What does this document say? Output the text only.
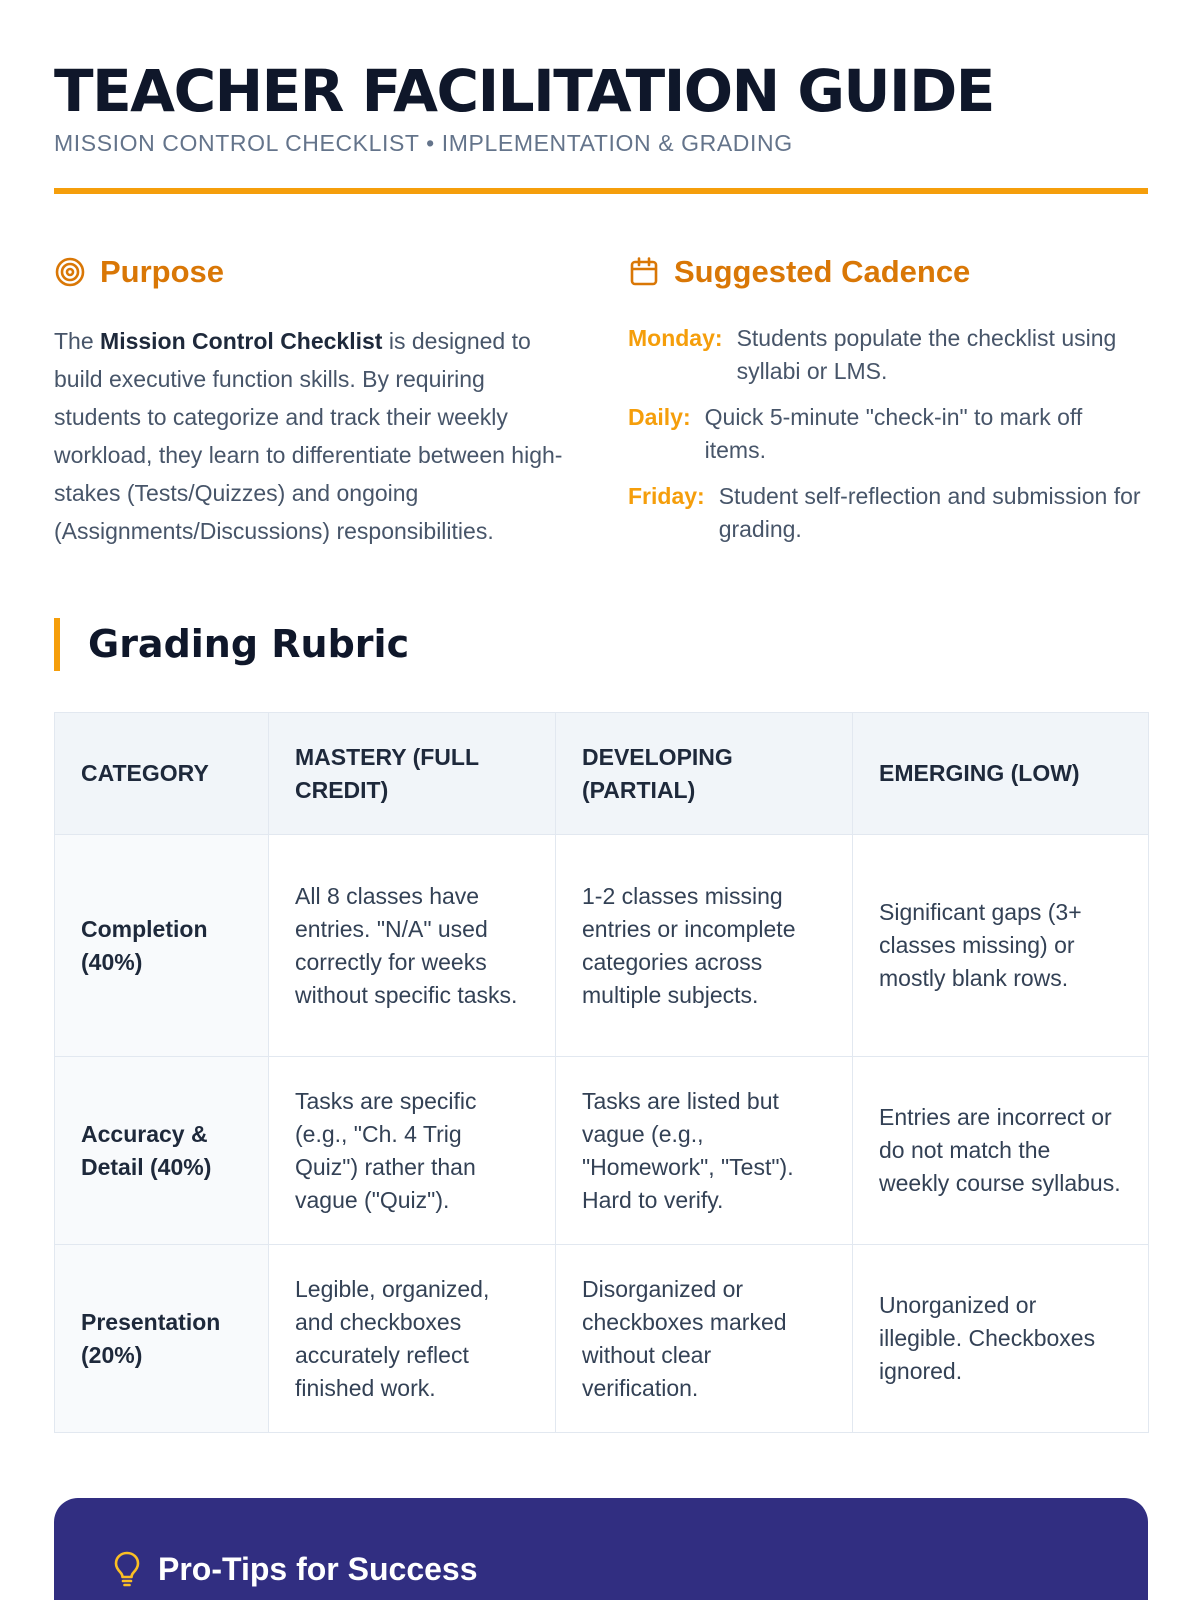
TEACHER FACILITATION GUIDE
MISSION CONTROL CHECKLIST • IMPLEMENTATION & GRADING
Purpose

The Mission Control Checklist is designed to build executive function skills. By requiring students to categorize and track their weekly workload, they learn to differentiate between high-stakes (Tests/Quizzes) and ongoing (Assignments/Discussions) responsibilities.

Suggested Cadence
Monday: Students populate the checklist using syllabi or LMS.
Daily: Quick 5-minute "check-in" to mark off items.
Friday: Student self-reflection and submission for grading.
Grading Rubric
CATEGORY	MASTERY (FULL CREDIT)	DEVELOPING (PARTIAL)	EMERGING (LOW)
Completion (40%)	All 8 classes have entries. "N/A" used correctly for weeks without specific tasks.	1-2 classes missing entries or incomplete categories across multiple subjects.	Significant gaps (3+ classes missing) or mostly blank rows.
Accuracy & Detail (40%)	Tasks are specific (e.g., "Ch. 4 Trig Quiz") rather than vague ("Quiz").	Tasks are listed but vague (e.g., "Homework", "Test"). Hard to verify.	Entries are incorrect or do not match the weekly course syllabus.
Presentation (20%)	Legible, organized, and checkboxes accurately reflect finished work.	Disorganized or checkboxes marked without clear verification.	Unorganized or illegible. Checkboxes ignored.
Pro-Tips for Success
